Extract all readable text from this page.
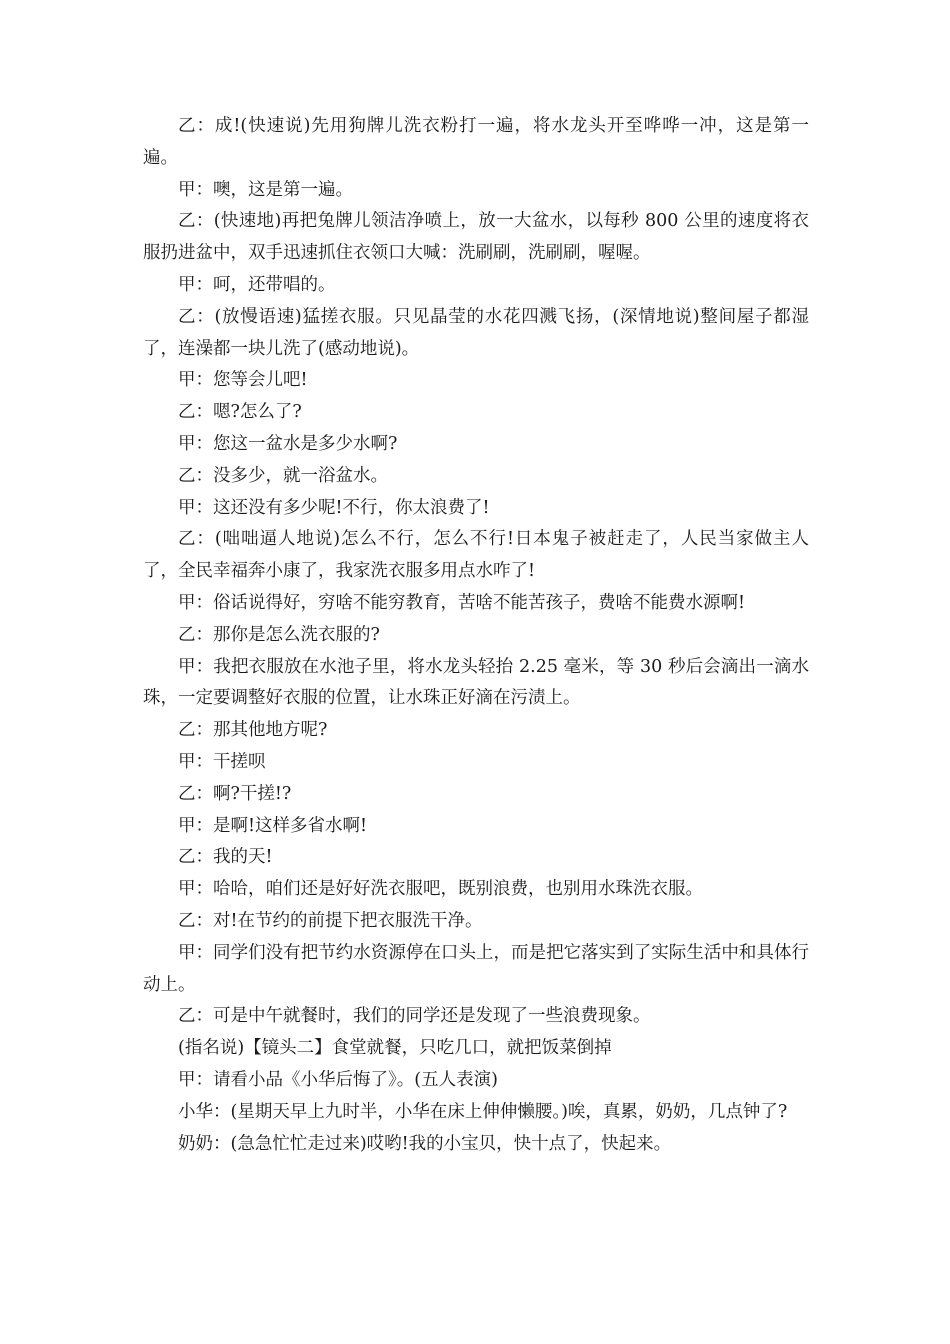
乙：成!(快速说)先用狗牌儿洗衣粉打一遍，将水龙头开至哗哗一冲，这是第一遍。

甲：噢，这是第一遍。

乙：(快速地)再把兔牌儿领洁净喷上，放一大盆水，以每秒 800 公里的速度将衣服扔进盆中，双手迅速抓住衣领口大喊：洗刷刷，洗刷刷，喔喔。

甲：呵，还带唱的。

乙：(放慢语速)猛搓衣服。只见晶莹的水花四溅飞扬，(深情地说)整间屋子都湿了，连澡都一块儿洗了(感动地说)。

甲：您等会儿吧!

乙：嗯?怎么了?

甲：您这一盆水是多少水啊?

乙：没多少，就一浴盆水。

甲：这还没有多少呢!不行，你太浪费了!

乙：(咄咄逼人地说)怎么不行，怎么不行!日本鬼子被赶走了，人民当家做主人了，全民幸福奔小康了，我家洗衣服多用点水咋了!

甲：俗话说得好，穷啥不能穷教育，苦啥不能苦孩子，费啥不能费水源啊!

乙：那你是怎么洗衣服的?

甲：我把衣服放在水池子里，将水龙头轻抬 2.25 毫米，等 30 秒后会滴出一滴水珠，一定要调整好衣服的位置，让水珠正好滴在污渍上。

乙：那其他地方呢?

甲：干搓呗

乙：啊?干搓!?

甲：是啊!这样多省水啊!

乙：我的天!

甲：哈哈，咱们还是好好洗衣服吧，既别浪费，也别用水珠洗衣服。

乙：对!在节约的前提下把衣服洗干净。

甲：同学们没有把节约水资源停在口头上，而是把它落实到了实际生活中和具体行动上。

乙：可是中午就餐时，我们的同学还是发现了一些浪费现象。

(指名说)【镜头二】食堂就餐，只吃几口，就把饭菜倒掉

甲：请看小品《小华后悔了》。(五人表演)

小华：(星期天早上九时半，小华在床上伸伸懒腰。)唉，真累，奶奶，几点钟了?

奶奶：(急急忙忙走过来)哎哟!我的小宝贝，快十点了，快起来。
